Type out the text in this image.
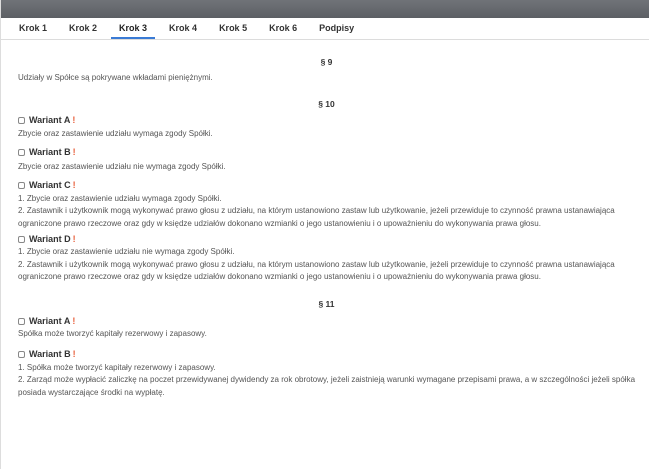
Krok 1	Krok 2	Krok 3	Krok 4	Krok 5	Krok 6	Podpisy
§ 9

Udziały w Spółce są pokrywane wkładami pieniężnymi.

§ 10
Wariant A !

Zbycie oraz zastawienie udziału wymaga zgody Spółki.

Wariant B !

Zbycie oraz zastawienie udziału nie wymaga zgody Spółki.

Wariant C !

1. Zbycie oraz zastawienie udziału wymaga zgody Spółki.

2. Zastawnik i użytkownik mogą wykonywać prawo głosu z udziału, na którym ustanowiono zastaw lub użytkowanie, jeżeli przewiduje to czynność prawna ustanawiająca ograniczone prawo rzeczowe oraz gdy w księdze udziałów dokonano wzmianki o jego ustanowieniu i o upoważnieniu do wykonywania prawa głosu.

Wariant D !

1. Zbycie oraz zastawienie udziału nie wymaga zgody Spółki.

2. Zastawnik i użytkownik mogą wykonywać prawo głosu z udziału, na którym ustanowiono zastaw lub użytkowanie, jeżeli przewiduje to czynność prawna ustanawiająca ograniczone prawo rzeczowe oraz gdy w księdze udziałów dokonano wzmianki o jego ustanowieniu i o upoważnieniu do wykonywania prawa głosu.

§ 11
Wariant A !

Spółka może tworzyć kapitały rezerwowy i zapasowy.

Wariant B !

1. Spółka może tworzyć kapitały rezerwowy i zapasowy.

2. Zarząd może wypłacić zaliczkę na poczet przewidywanej dywidendy za rok obrotowy, jeżeli zaistnieją warunki wymagane przepisami prawa, a w szczególności jeżeli spółka posiada wystarczające środki na wypłatę.
